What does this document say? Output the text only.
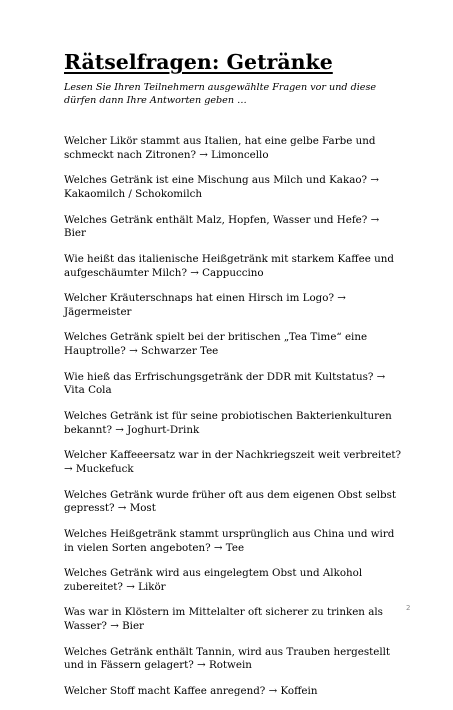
Rätselfragen: Getränke

Lesen Sie Ihren Teilnehmern ausgewählte Fragen vor und diese dürfen dann Ihre Antworten geben …

Welcher Likör stammt aus Italien, hat eine gelbe Farbe und schmeckt nach Zitronen? → Limoncello
Welches Getränk ist eine Mischung aus Milch und Kakao? → Kakaomilch / Schokomilch
Welches Getränk enthält Malz, Hopfen, Wasser und Hefe? → Bier
Wie heißt das italienische Heißgetränk mit starkem Kaffee und aufgeschäumter Milch? → Cappuccino
Welcher Kräuterschnaps hat einen Hirsch im Logo? → Jägermeister
Welches Getränk spielt bei der britischen „Tea Time“ eine Hauptrolle? → Schwarzer Tee
Wie hieß das Erfrischungsgetränk der DDR mit Kultstatus? → Vita Cola
Welches Getränk ist für seine probiotischen Bakterienkulturen bekannt? → Joghurt-Drink
Welcher Kaffeeersatz war in der Nachkriegszeit weit verbreitet? → Muckefuck
Welches Getränk wurde früher oft aus dem eigenen Obst selbst gepresst? → Most
Welches Heißgetränk stammt ursprünglich aus China und wird in vielen Sorten angeboten? → Tee
Welches Getränk wird aus eingelegtem Obst und Alkohol zubereitet? → Likör
Was war in Klöstern im Mittelalter oft sicherer zu trinken als Wasser? → Bier
Welches Getränk enthält Tannin, wird aus Trauben hergestellt und in Fässern gelagert? → Rotwein
Welcher Stoff macht Kaffee anregend? → Koffein
2
